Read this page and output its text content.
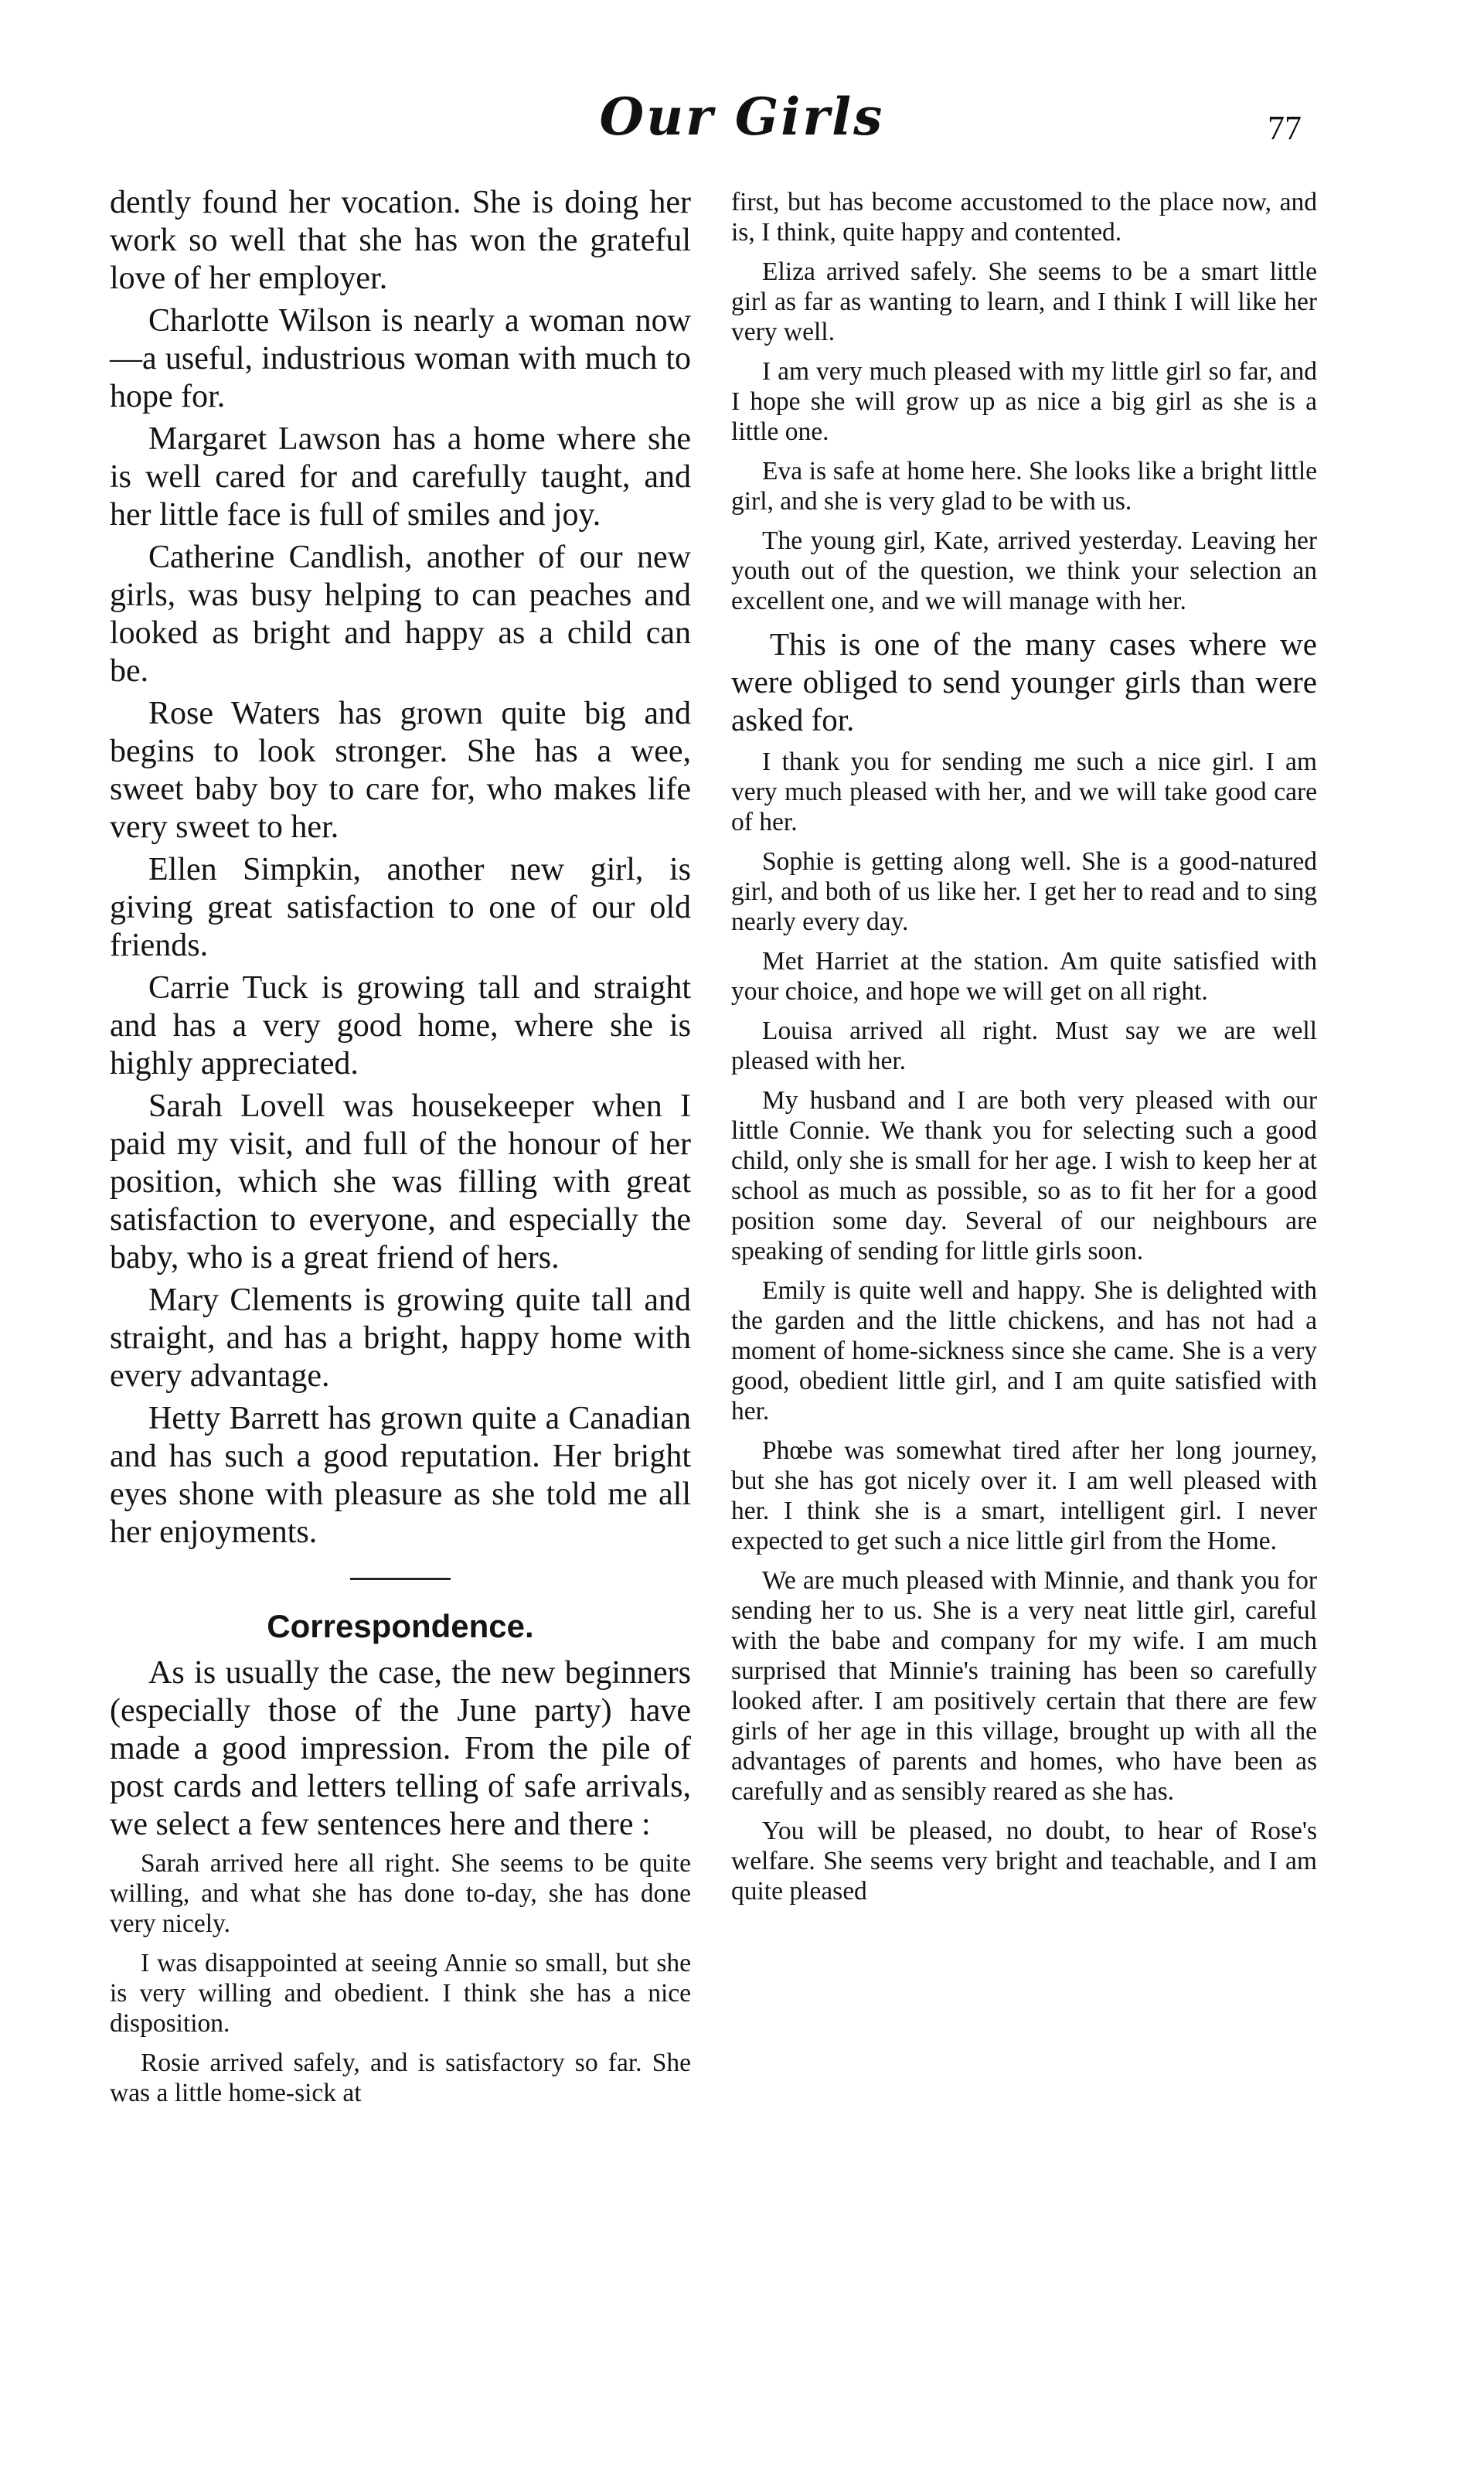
Our Girls	77

dently found her vocation. She is doing her work so well that she has won the grateful love of her employer.

Charlotte Wilson is nearly a woman now—a useful, industrious woman with much to hope for.

Margaret Lawson has a home where she is well cared for and carefully taught, and her little face is full of smiles and joy.

Catherine Candlish, another of our new girls, was busy helping to can peaches and looked as bright and happy as a child can be.

Rose Waters has grown quite big and begins to look stronger. She has a wee, sweet baby boy to care for, who makes life very sweet to her.

Ellen Simpkin, another new girl, is giving great satisfaction to one of our old friends.

Carrie Tuck is growing tall and straight and has a very good home, where she is highly appreciated.

Sarah Lovell was housekeeper when I paid my visit, and full of the honour of her position, which she was filling with great satisfaction to everyone, and especially the baby, who is a great friend of hers.

Mary Clements is growing quite tall and straight, and has a bright, happy home with every advantage.

Hetty Barrett has grown quite a Canadian and has such a good reputation. Her bright eyes shone with pleasure as she told me all her enjoyments.

Correspondence.

As is usually the case, the new beginners (especially those of the June party) have made a good impression. From the pile of post cards and letters telling of safe arrivals, we select a few sentences here and there :

Sarah arrived here all right. She seems to be quite willing, and what she has done to-day, she has done very nicely.

I was disappointed at seeing Annie so small, but she is very willing and obedient. I think she has a nice disposition.

Rosie arrived safely, and is satisfactory so far. She was a little home-sick at

first, but has become accustomed to the place now, and is, I think, quite happy and contented.

Eliza arrived safely. She seems to be a smart little girl as far as wanting to learn, and I think I will like her very well.

I am very much pleased with my little girl so far, and I hope she will grow up as nice a big girl as she is a little one.

Eva is safe at home here. She looks like a bright little girl, and she is very glad to be with us.

The young girl, Kate, arrived yesterday. Leaving her youth out of the question, we think your selection an excellent one, and we will manage with her.

This is one of the many cases where we were obliged to send younger girls than were asked for.

I thank you for sending me such a nice girl. I am very much pleased with her, and we will take good care of her.

Sophie is getting along well. She is a good-natured girl, and both of us like her. I get her to read and to sing nearly every day.

Met Harriet at the station. Am quite satisfied with your choice, and hope we will get on all right.

Louisa arrived all right. Must say we are well pleased with her.

My husband and I are both very pleased with our little Connie. We thank you for selecting such a good child, only she is small for her age. I wish to keep her at school as much as possible, so as to fit her for a good position some day. Several of our neighbours are speaking of sending for little girls soon.

Emily is quite well and happy. She is delighted with the garden and the little chickens, and has not had a moment of home-sickness since she came. She is a very good, obedient little girl, and I am quite satisfied with her.

Phœbe was somewhat tired after her long journey, but she has got nicely over it. I am well pleased with her. I think she is a smart, intelligent girl. I never expected to get such a nice little girl from the Home.

We are much pleased with Minnie, and thank you for sending her to us. She is a very neat little girl, careful with the babe and company for my wife. I am much surprised that Minnie's training has been so carefully looked after. I am positively certain that there are few girls of her age in this village, brought up with all the advantages of parents and homes, who have been as carefully and as sensibly reared as she has.

You will be pleased, no doubt, to hear of Rose's welfare. She seems very bright and teachable, and I am quite pleased
